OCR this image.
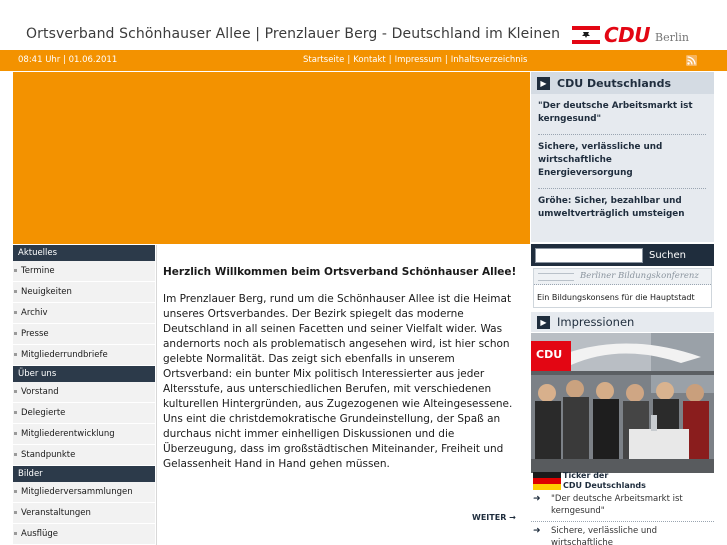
Ortsverband Schönhauser Allee | Prenzlauer Berg - Deutschland im Kleinen CDU Berlin
08:41 Uhr | 01.06.2011	Startseite | Kontakt | Impressum | Inhaltsverzeichnis
▶ CDU Deutschlands
"Der deutsche Arbeitsmarkt ist kerngesund"
Sichere, verlässliche und wirtschaftliche Energieversorgung
Gröhe: Sicher, bezahlbar und umweltverträglich umsteigen
Suchen
Berliner Bildungskonferenz
Ein Bildungskonsens für die Hauptstadt
▶ Impressionen
CDU
Ticker der
CDU Deutschlands
➜	"Der deutsche Arbeitsmarkt ist kerngesund"
➜	Sichere, verlässliche und wirtschaftliche
Aktuelles
Termine
Neuigkeiten
Archiv
Presse
Mitgliederrundbriefe
Über uns
Vorstand
Delegierte
Mitgliederentwicklung
Standpunkte
Bilder
Mitgliederversammlungen
Veranstaltungen
Ausflüge
Herzlich Willkommen beim Ortsverband Schönhauser Allee!
Im Prenzlauer Berg, rund um die Schönhauser Allee ist die Heimat unseres Ortsverbandes. Der Bezirk spiegelt das moderne Deutschland in all seinen Facetten und seiner Vielfalt wider. Was andernorts noch als problematisch angesehen wird, ist hier schon gelebte Normalität. Das zeigt sich ebenfalls in unserem Ortsverband: ein bunter Mix politisch Interessierter aus jeder Altersstufe, aus unterschiedlichen Berufen, mit verschiedenen kulturellen Hintergründen, aus Zugezogenen wie Alteingesessene. Uns eint die christdemokratische Grundeinstellung, der Spaß an durchaus nicht immer einhelligen Diskussionen und die Überzeugung, dass im großstädtischen Miteinander, Freiheit und Gelassenheit Hand in Hand gehen müssen.
WEITER →
